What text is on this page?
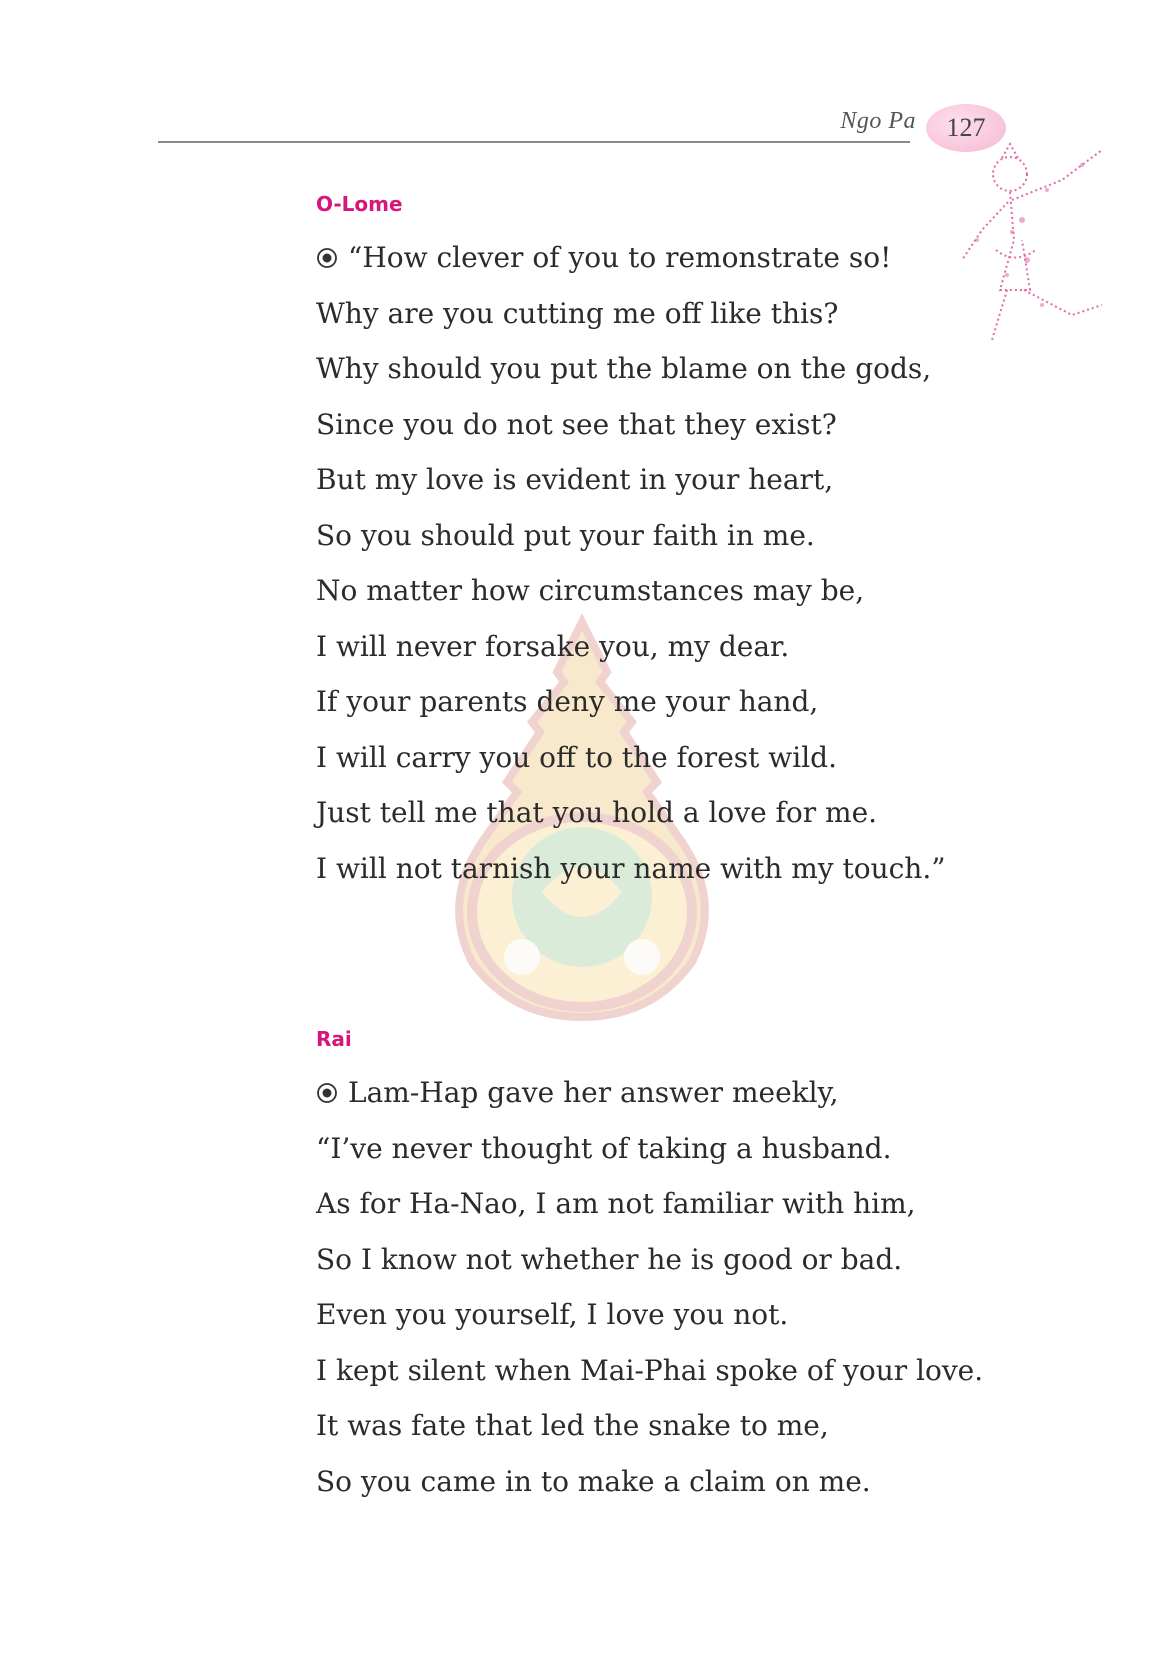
Ngo Pa 127
O-Lome
“How clever of you to remonstrate so!
Why are you cutting me off like this?
Why should you put the blame on the gods,
Since you do not see that they exist?
But my love is evident in your heart,
So you should put your faith in me.
No matter how circumstances may be,
I will never forsake you, my dear.
If your parents deny me your hand,
I will carry you off to the forest wild.
Just tell me that you hold a love for me.
I will not tarnish your name with my touch.”
Rai
Lam-Hap gave her answer meekly,
“I’ve never thought of taking a husband.
As for Ha-Nao, I am not familiar with him,
So I know not whether he is good or bad.
Even you yourself, I love you not.
I kept silent when Mai-Phai spoke of your love.
It was fate that led the snake to me,
So you came in to make a claim on me.
